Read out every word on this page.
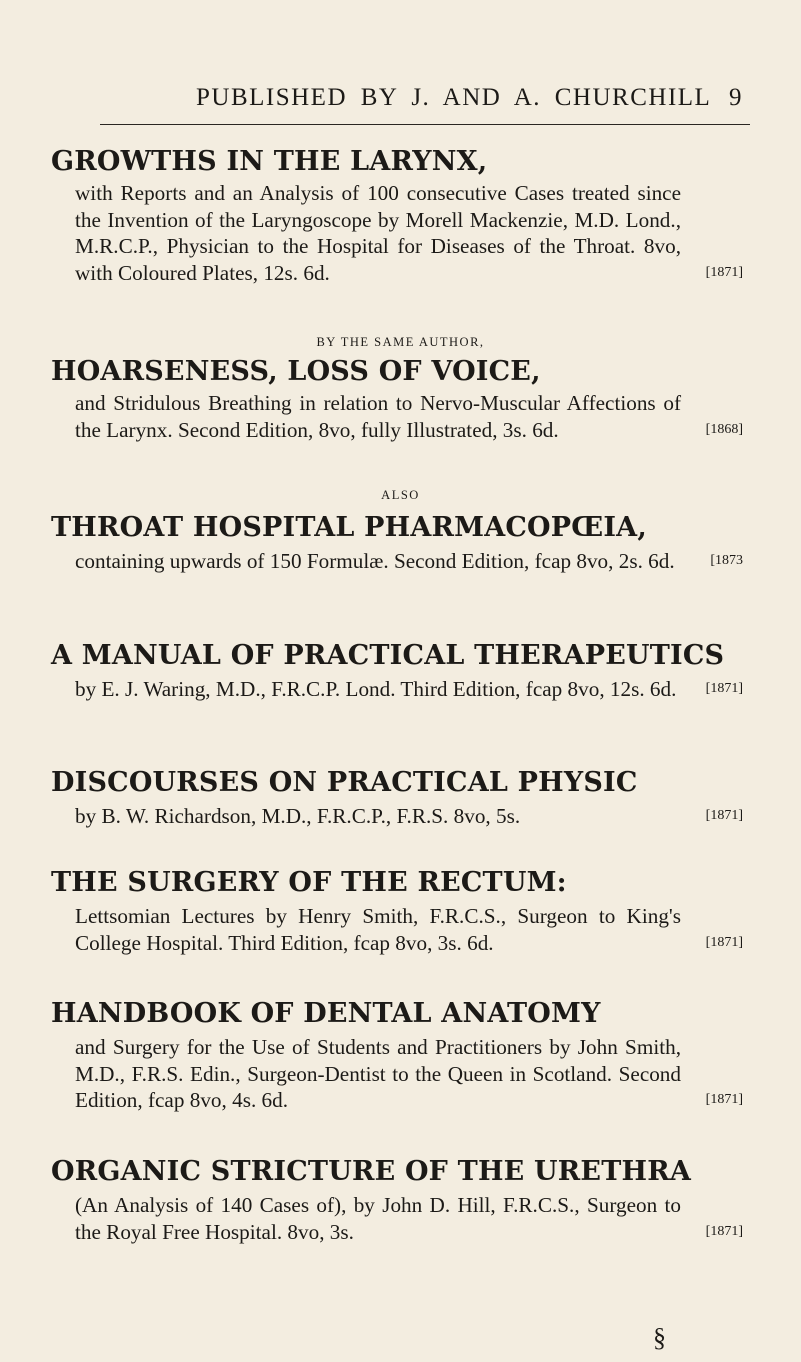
PUBLISHED BY J. AND A. CHURCHILL 9
GROWTHS IN THE LARYNX,
with Reports and an Analysis of 100 consecutive Cases treated since the Invention of the Laryngoscope by Morell Mackenzie, M.D. Lond., M.R.C.P., Physician to the Hospital for Diseases of the Throat. 8vo, with Coloured Plates, 12s. 6d.	[1871]
BY THE SAME AUTHOR,
HOARSENESS, LOSS OF VOICE,
and Stridulous Breathing in relation to Nervo-Muscular Affections of the Larynx. Second Edition, 8vo, fully Illustrated, 3s. 6d.	[1868]
ALSO
THROAT HOSPITAL PHARMACOPŒIA,
containing upwards of 150 Formulæ. Second Edition, fcap 8vo, 2s. 6d.	[1873
A MANUAL OF PRACTICAL THERAPEUTICS
by E. J. Waring, M.D., F.R.C.P. Lond. Third Edition, fcap 8vo, 12s. 6d. [1871]
DISCOURSES ON PRACTICAL PHYSIC
by B. W. Richardson, M.D., F.R.C.P., F.R.S. 8vo, 5s.	[1871]
THE SURGERY OF THE RECTUM:
Lettsomian Lectures by Henry Smith, F.R.C.S., Surgeon to King's College Hospital. Third Edition, fcap 8vo, 3s. 6d.	[1871]
HANDBOOK OF DENTAL ANATOMY
and Surgery for the Use of Students and Practitioners by John Smith, M.D., F.R.S. Edin., Surgeon-Dentist to the Queen in Scotland. Second Edition, fcap 8vo, 4s. 6d.	[1871]
ORGANIC STRICTURE OF THE URETHRA
(An Analysis of 140 Cases of), by John D. Hill, F.R.C.S., Surgeon to the Royal Free Hospital. 8vo, 3s.	[1871]
§
